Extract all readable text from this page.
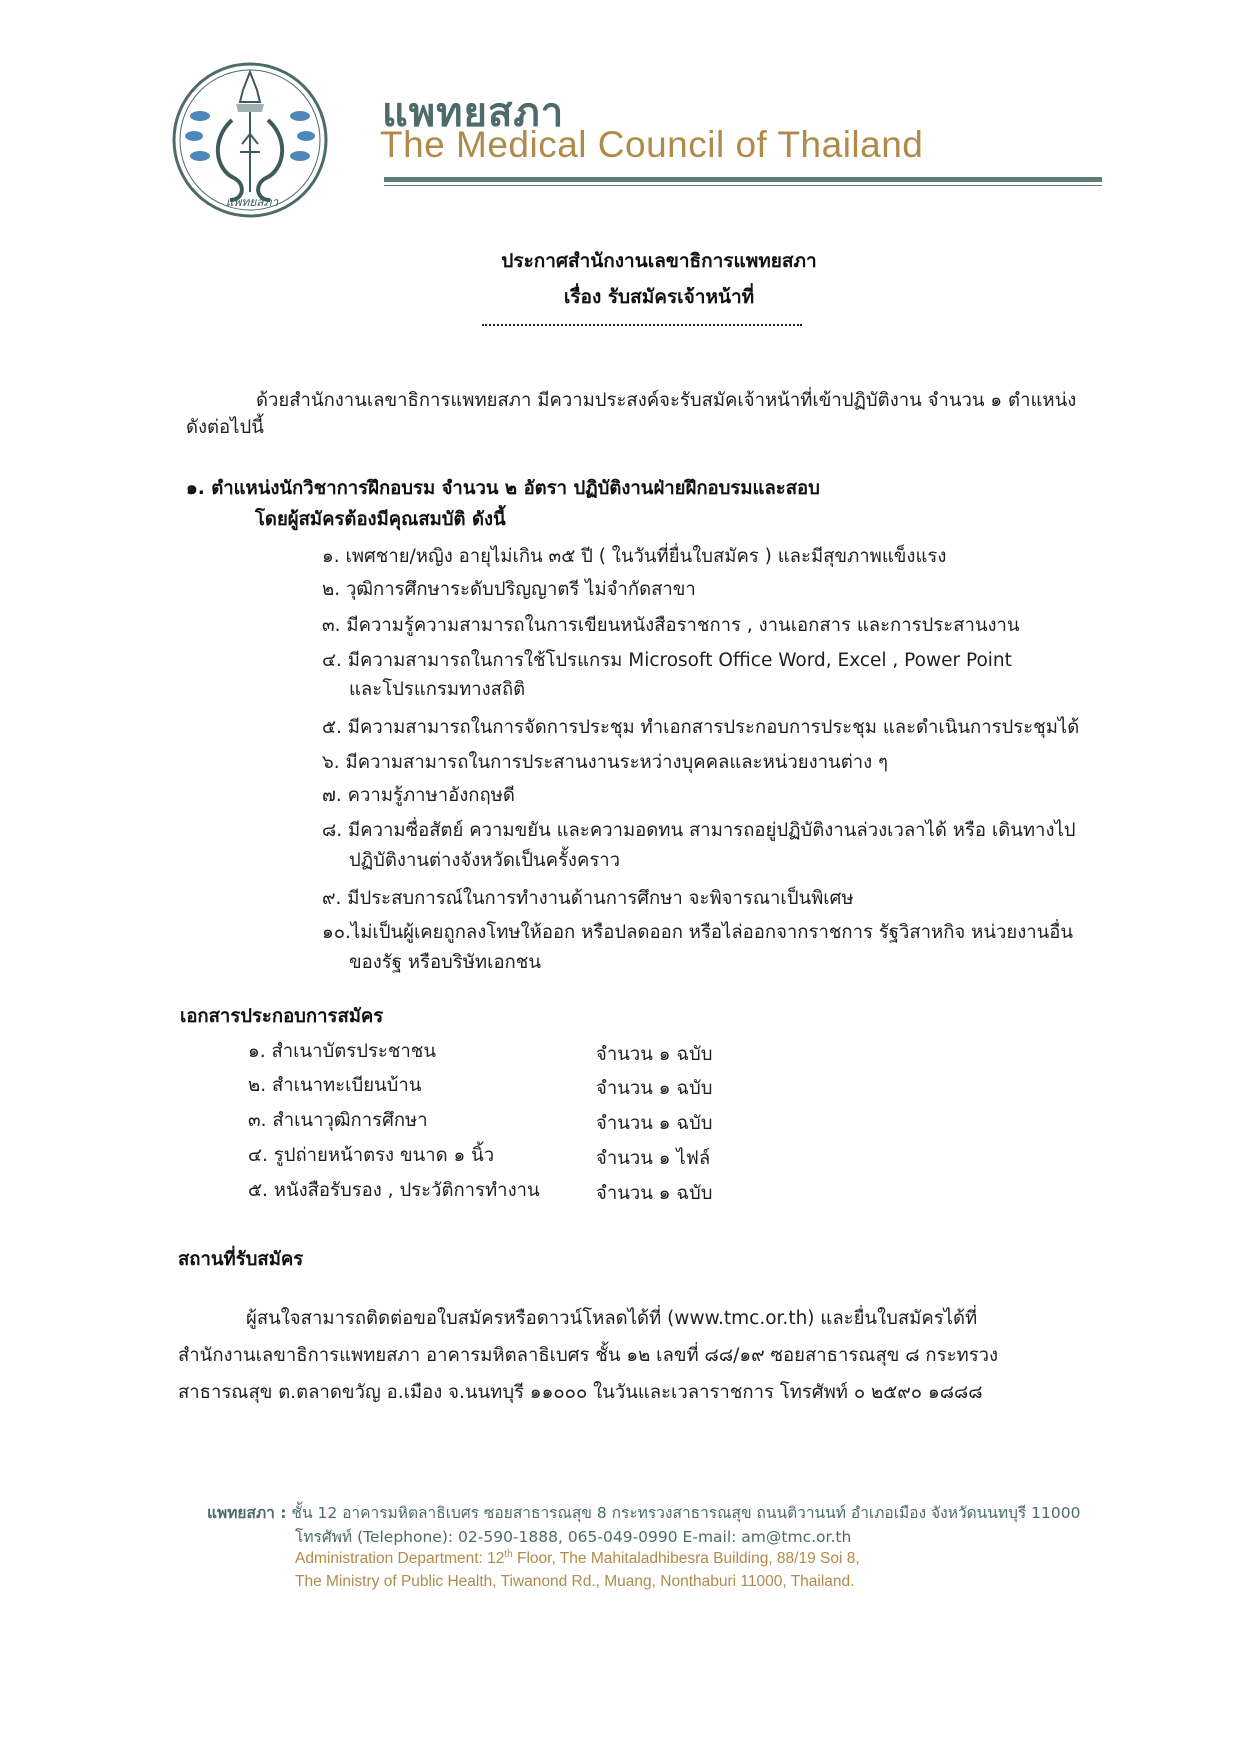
แพทยสภา
แพทยสภา
The Medical Council of Thailand
ประกาศสำนักงานเลขาธิการแพทยสภา
เรื่อง รับสมัครเจ้าหน้าที่
ด้วยสำนักงานเลขาธิการแพทยสภา มีความประสงค์จะรับสมัคเจ้าหน้าที่เข้าปฏิบัติงาน จำนวน ๑ ตำแหน่ง
ดังต่อไปนี้
๑. ตำแหน่งนักวิชาการฝึกอบรม จำนวน ๒ อัตรา ปฏิบัติงานฝ่ายฝึกอบรมและสอบ
โดยผู้สมัครต้องมีคุณสมบัติ ดังนี้
๑. เพศชาย/หญิง อายุไม่เกิน ๓๕ ปี ( ในวันที่ยื่นใบสมัคร ) และมีสุขภาพแข็งแรง
๒. วุฒิการศึกษาระดับปริญญาตรี ไม่จำกัดสาขา
๓. มีความรู้ความสามารถในการเขียนหนังสือราชการ , งานเอกสาร และการประสานงาน
๔. มีความสามารถในการใช้โปรแกรม Microsoft Office Word, Excel , Power Point
และโปรแกรมทางสถิติ
๕. มีความสามารถในการจัดการประชุม ทำเอกสารประกอบการประชุม และดำเนินการประชุมได้
๖. มีความสามารถในการประสานงานระหว่างบุคคลและหน่วยงานต่าง ๆ
๗. ความรู้ภาษาอังกฤษดี
๘. มีความซื่อสัตย์ ความขยัน และความอดทน สามารถอยู่ปฏิบัติงานล่วงเวลาได้ หรือ เดินทางไป
ปฏิบัติงานต่างจังหวัดเป็นครั้งคราว
๙. มีประสบการณ์ในการทำงานด้านการศึกษา จะพิจารณาเป็นพิเศษ
๑๐.ไม่เป็นผู้เคยถูกลงโทษให้ออก หรือปลดออก หรือไล่ออกจากราชการ รัฐวิสาหกิจ หน่วยงานอื่น
ของรัฐ หรือบริษัทเอกชน
เอกสารประกอบการสมัคร
๑. สำเนาบัตรประชาชน	จำนวน ๑ ฉบับ
๒. สำเนาทะเบียนบ้าน	จำนวน ๑ ฉบับ
๓. สำเนาวุฒิการศึกษา	จำนวน ๑ ฉบับ
๔. รูปถ่ายหน้าตรง ขนาด ๑ นิ้ว	จำนวน ๑ ไฟล์
๕. หนังสือรับรอง , ประวัติการทำงาน	จำนวน ๑ ฉบับ
สถานที่รับสมัคร
ผู้สนใจสามารถติดต่อขอใบสมัครหรือดาวน์โหลดได้ที่ (www.tmc.or.th) และยื่นใบสมัครได้ที่
สำนักงานเลขาธิการแพทยสภา อาคารมหิตลาธิเบศร ชั้น ๑๒ เลขที่ ๘๘/๑๙ ซอยสาธารณสุข ๘ กระทรวง
สาธารณสุข ต.ตลาดขวัญ อ.เมือง จ.นนทบุรี ๑๑๐๐๐ ในวันและเวลาราชการ โทรศัพท์ ๐ ๒๕๙๐ ๑๘๘๘
แพทยสภา : ชั้น 12 อาคารมหิตลาธิเบศร ซอยสาธารณสุข 8 กระทรวงสาธารณสุข ถนนติวานนท์ อำเภอเมือง จังหวัดนนทบุรี 11000
โทรศัพท์ (Telephone): 02-590-1888, 065-049-0990 E-mail: am@tmc.or.th
Administration Department: 12th Floor, The Mahitaladhibesra Building, 88/19 Soi 8,
The Ministry of Public Health, Tiwanond Rd., Muang, Nonthaburi 11000, Thailand.
